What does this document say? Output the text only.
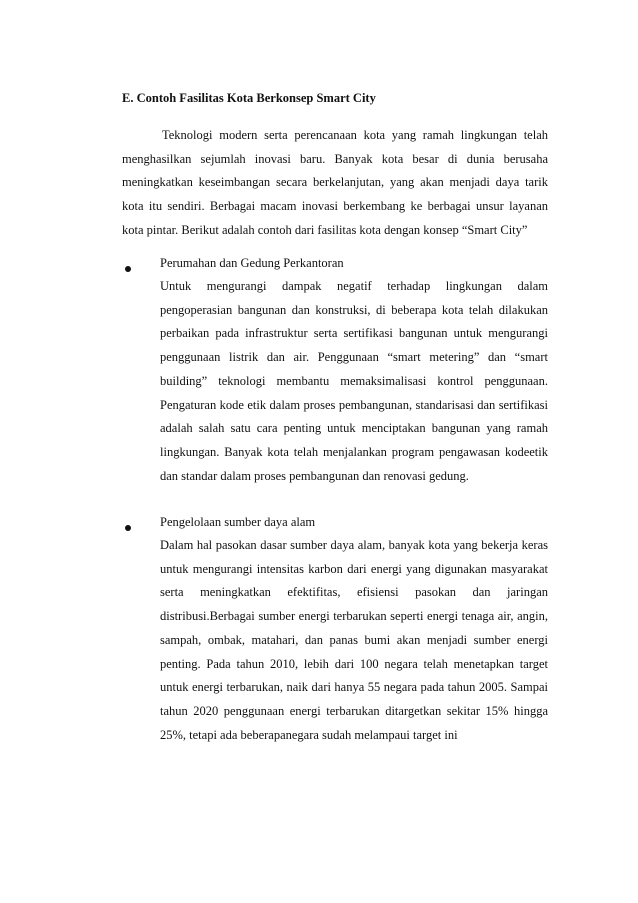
E. Contoh Fasilitas Kota Berkonsep Smart City

Teknologi modern serta perencanaan kota yang ramah lingkungan telah menghasilkan sejumlah inovasi baru. Banyak kota besar di dunia berusaha meningkatkan keseimbangan secara berkelanjutan, yang akan menjadi daya tarik kota itu sendiri. Berbagai macam inovasi berkembang ke berbagai unsur layanan kota pintar. Berikut adalah contoh dari fasilitas kota dengan konsep “Smart City”

Perumahan dan Gedung Perkantoran

Untuk mengurangi dampak negatif terhadap lingkungan dalam pengoperasian bangunan dan konstruksi, di beberapa kota telah dilakukan perbaikan pada infrastruktur serta sertifikasi bangunan untuk mengurangi penggunaan listrik dan air. Penggunaan “smart metering” dan “smart building” teknologi membantu memaksimalisasi kontrol penggunaan. Pengaturan kode etik dalam proses pembangunan, standarisasi dan sertifikasi adalah salah satu cara penting untuk menciptakan bangunan yang ramah lingkungan. Banyak kota telah menjalankan program pengawasan kodeetik dan standar dalam proses pembangunan dan renovasi gedung.

Pengelolaan sumber daya alam

Dalam hal pasokan dasar sumber daya alam, banyak kota yang bekerja keras untuk mengurangi intensitas karbon dari energi yang digunakan masyarakat serta meningkatkan efektifitas, efisiensi pasokan dan jaringan distribusi.Berbagai sumber energi terbarukan seperti energi tenaga air, angin, sampah, ombak, matahari, dan panas bumi akan menjadi sumber energi penting. Pada tahun 2010, lebih dari 100 negara telah menetapkan target untuk energi terbarukan, naik dari hanya 55 negara pada tahun 2005. Sampai tahun 2020 penggunaan energi terbarukan ditargetkan sekitar 15% hingga 25%, tetapi ada beberapanegara sudah melampaui target ini
